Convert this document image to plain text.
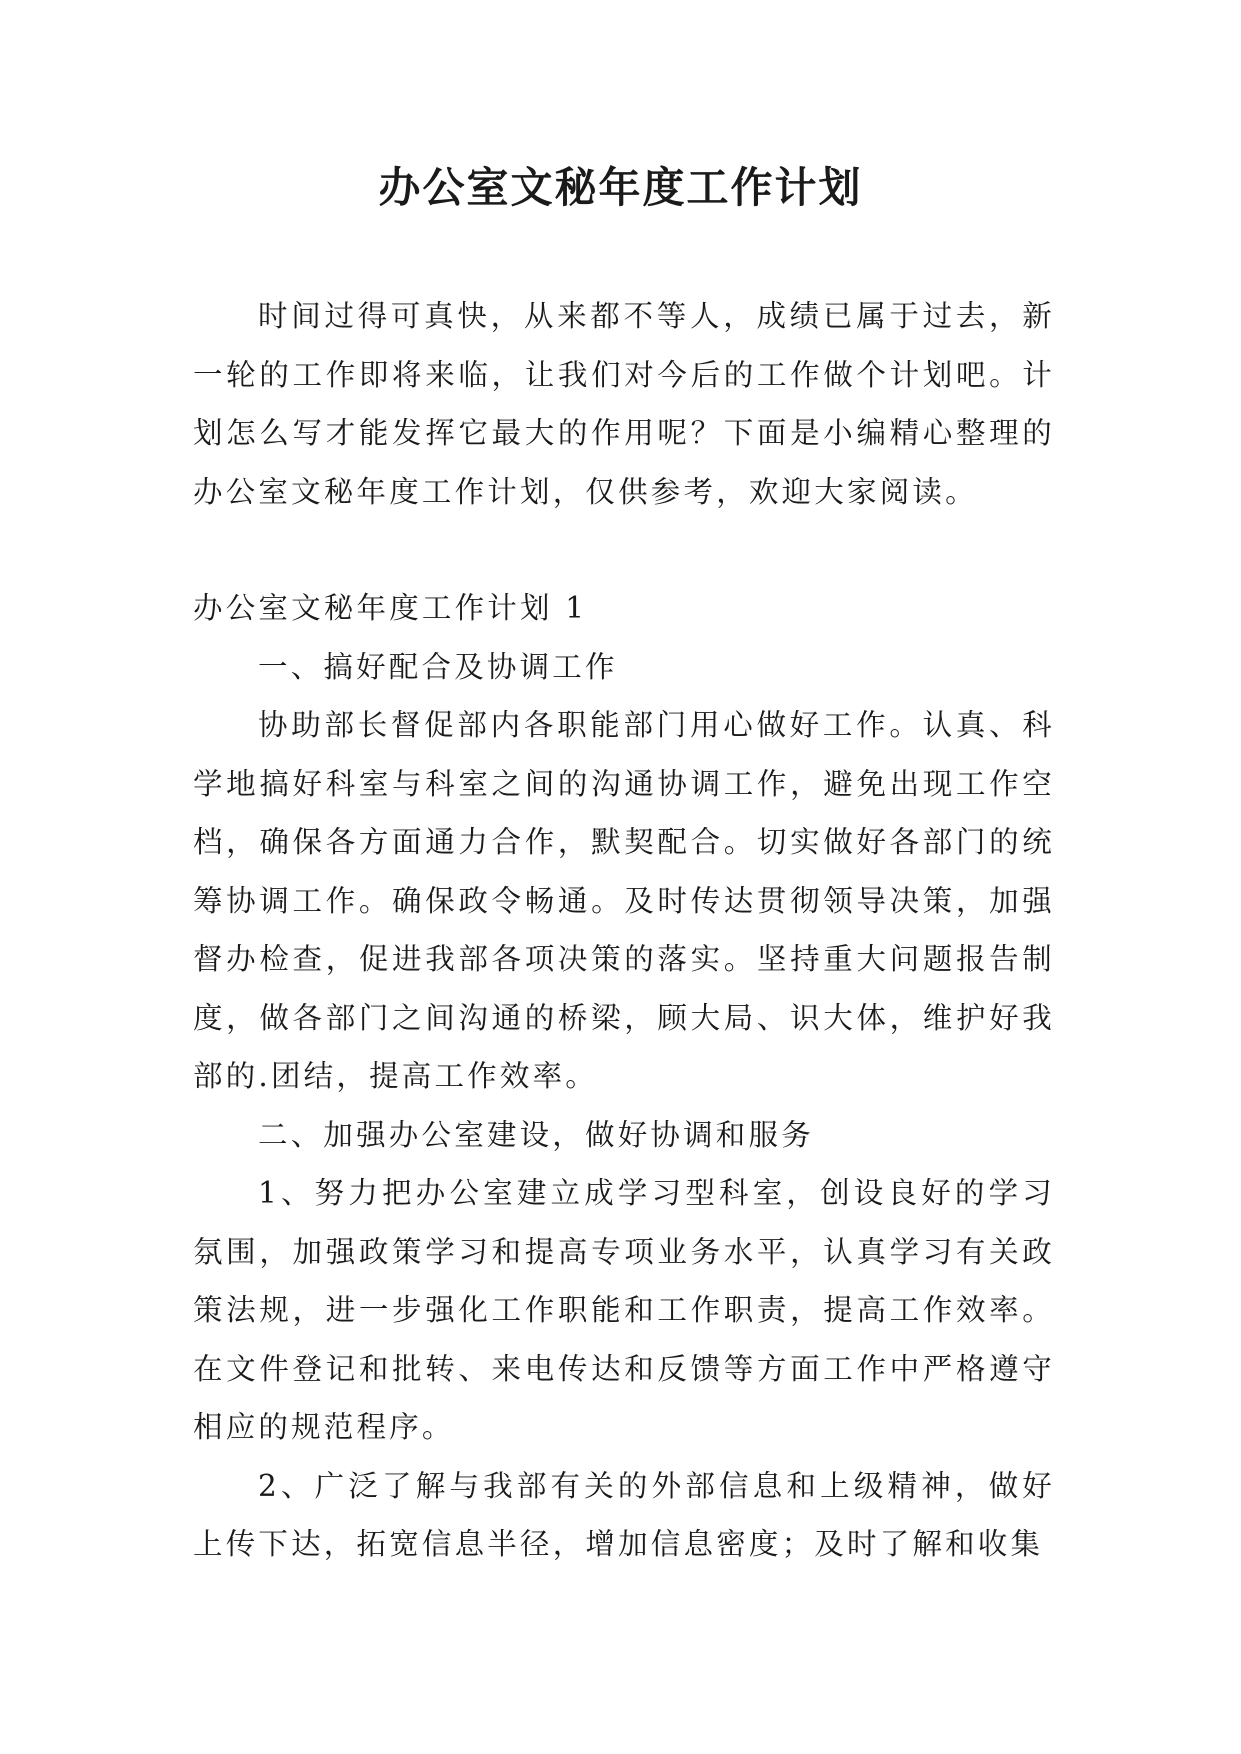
办公室文秘年度工作计划

时间过得可真快，从来都不等人，成绩已属于过去，新一轮的工作即将来临，让我们对今后的工作做个计划吧。计划怎么写才能发挥它最大的作用呢？下面是小编精心整理的办公室文秘年度工作计划，仅供参考，欢迎大家阅读。

办公室文秘年度工作计划 1

一、搞好配合及协调工作

协助部长督促部内各职能部门用心做好工作。认真、科学地搞好科室与科室之间的沟通协调工作，避免出现工作空档，确保各方面通力合作，默契配合。切实做好各部门的统筹协调工作。确保政令畅通。及时传达贯彻领导决策，加强督办检查，促进我部各项决策的落实。坚持重大问题报告制度，做各部门之间沟通的桥梁，顾大局、识大体，维护好我部的.团结，提高工作效率。

二、加强办公室建设，做好协调和服务

1、努力把办公室建立成学习型科室，创设良好的学习氛围，加强政策学习和提高专项业务水平，认真学习有关政策法规，进一步强化工作职能和工作职责，提高工作效率。在文件登记和批转、来电传达和反馈等方面工作中严格遵守相应的规范程序。

2、广泛了解与我部有关的外部信息和上级精神，做好上传下达，拓宽信息半径，增加信息密度；及时了解和收集
